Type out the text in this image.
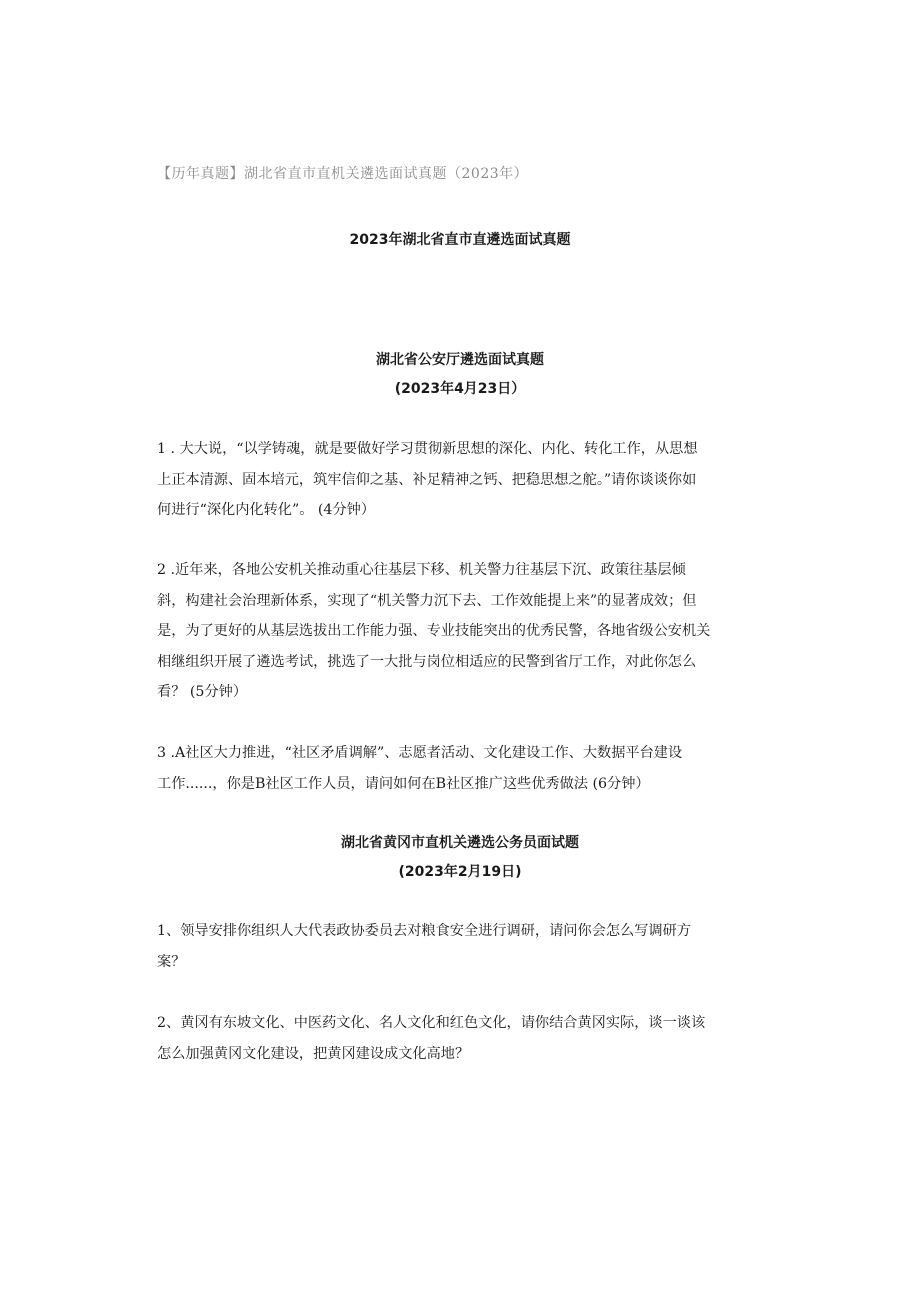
【历年真题】湖北省直市直机关遴选面试真题（2023年）
2023年湖北省直市直遴选面试真题
湖北省公安厅遴选面试真题
(2023年4月23日）
1 . 大大说，“以学铸魂，就是要做好学习贯彻新思想的深化、内化、转化工作，从思想
上正本清源、固本培元，筑牢信仰之基、补足精神之钙、把稳思想之舵。”请你谈谈你如
何进行“深化内化转化”。 (4分钟）
2 .近年来，各地公安机关推动重心往基层下移、机关警力往基层下沉、政策往基层倾
斜，构建社会治理新体系，实现了“机关警力沉下去、工作效能提上来”的显著成效；但
是，为了更好的从基层选拔出工作能力强、专业技能突出的优秀民警，各地省级公安机关
相继组织开展了遴选考试，挑选了一大批与岗位相适应的民警到省厅工作，对此你怎么
看？ (5分钟）
3 .A社区大力推进，“社区矛盾调解”、志愿者活动、文化建设工作、大数据平台建设
工作......，你是B社区工作人员，请问如何在B社区推广这些优秀做法 (6分钟）
湖北省黄冈市直机关遴选公务员面试题
(2023年2月19日)
1、领导安排你组织人大代表政协委员去对粮食安全进行调研，请问你会怎么写调研方
案？
2、黄冈有东坡文化、中医药文化、名人文化和红色文化，请你结合黄冈实际，谈一谈该
怎么加强黄冈文化建设，把黄冈建设成文化高地？
